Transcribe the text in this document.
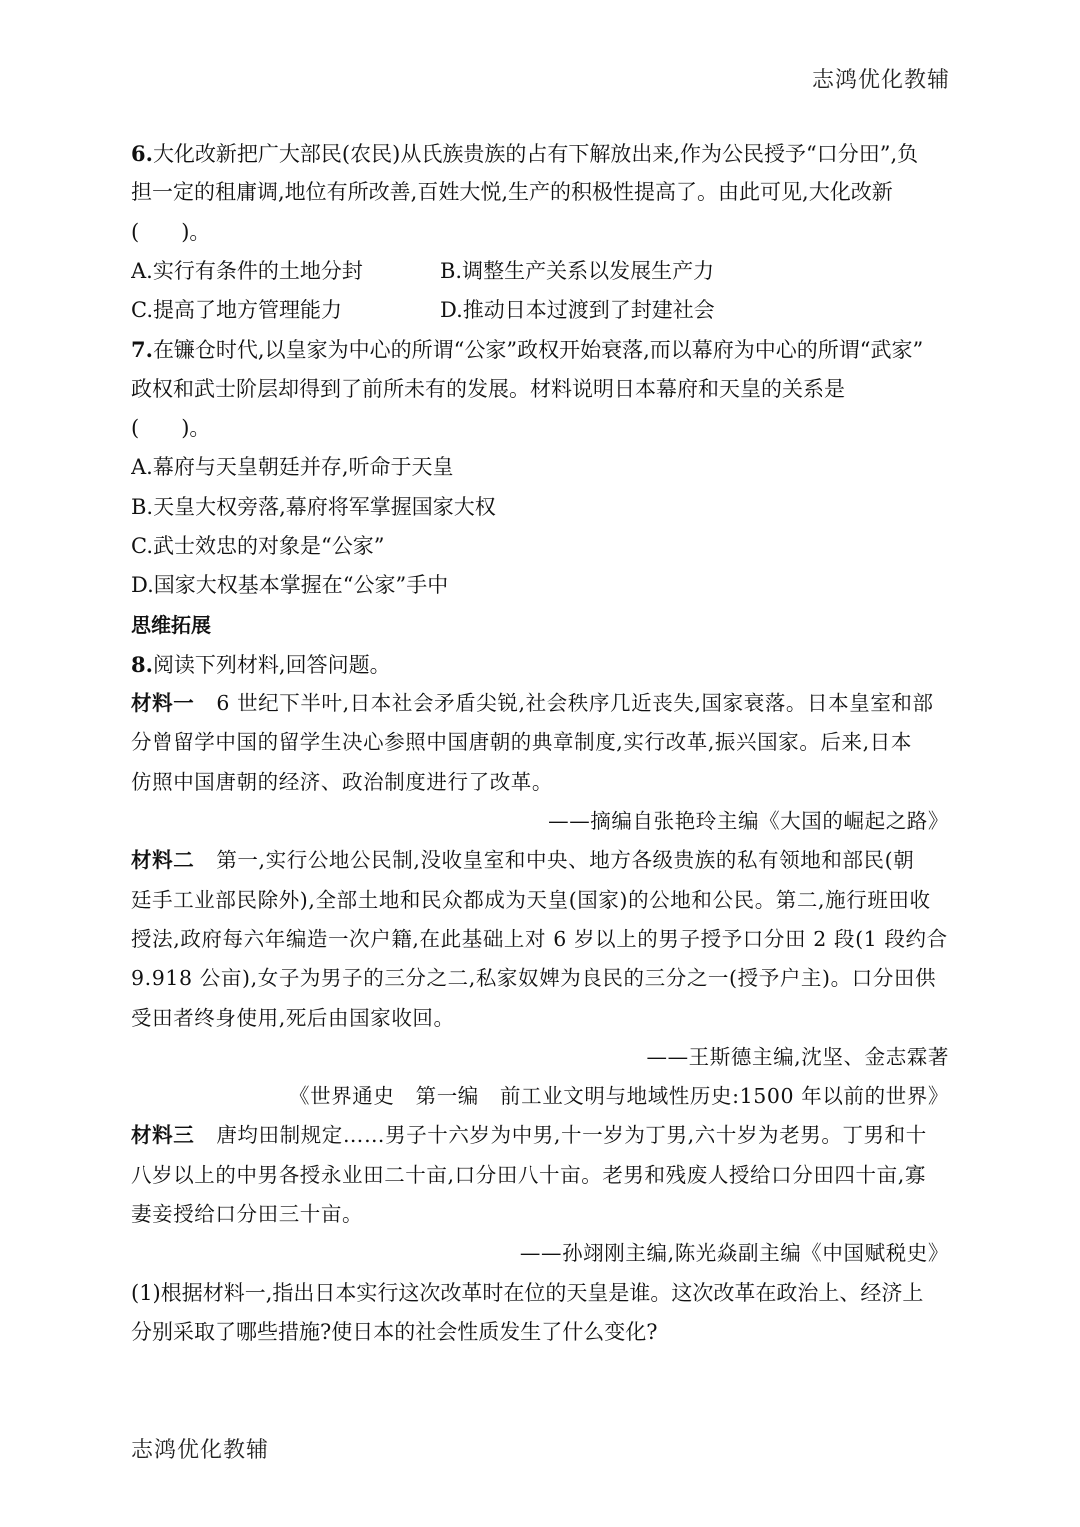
志鸿优化教辅
6.大化改新把广大部民(农民)从氏族贵族的占有下解放出来,作为公民授予“口分田”,负
担一定的租庸调,地位有所改善,百姓大悦,生产的积极性提高了。由此可见,大化改新
(　　)。
A.实行有条件的土地分封	B.调整生产关系以发展生产力
C.提高了地方管理能力	D.推动日本过渡到了封建社会
7.在镰仓时代,以皇家为中心的所谓“公家”政权开始衰落,而以幕府为中心的所谓“武家”
政权和武士阶层却得到了前所未有的发展。材料说明日本幕府和天皇的关系是
(　　)。
A.幕府与天皇朝廷并存,听命于天皇
B.天皇大权旁落,幕府将军掌握国家大权
C.武士效忠的对象是“公家”
D.国家大权基本掌握在“公家”手中
思维拓展
8.阅读下列材料,回答问题。
材料一 6 世纪下半叶,日本社会矛盾尖锐,社会秩序几近丧失,国家衰落。日本皇室和部
分曾留学中国的留学生决心参照中国唐朝的典章制度,实行改革,振兴国家。后来,日本
仿照中国唐朝的经济、政治制度进行了改革。
——摘编自张艳玲主编《大国的崛起之路》
材料二 第一,实行公地公民制,没收皇室和中央、地方各级贵族的私有领地和部民(朝
廷手工业部民除外),全部土地和民众都成为天皇(国家)的公地和公民。第二,施行班田收
授法,政府每六年编造一次户籍,在此基础上对 6 岁以上的男子授予口分田 2 段(1 段约合
9.918 公亩),女子为男子的三分之二,私家奴婢为良民的三分之一(授予户主)。口分田供
受田者终身使用,死后由国家收回。
——王斯德主编,沈坚、金志霖著
《世界通史　第一编　前工业文明与地域性历史:1500 年以前的世界》
材料三 唐均田制规定……男子十六岁为中男,十一岁为丁男,六十岁为老男。丁男和十
八岁以上的中男各授永业田二十亩,口分田八十亩。老男和残废人授给口分田四十亩,寡
妻妾授给口分田三十亩。
——孙翊刚主编,陈光焱副主编《中国赋税史》
(1)根据材料一,指出日本实行这次改革时在位的天皇是谁。这次改革在政治上、经济上
分别采取了哪些措施?使日本的社会性质发生了什么变化?
志鸿优化教辅
